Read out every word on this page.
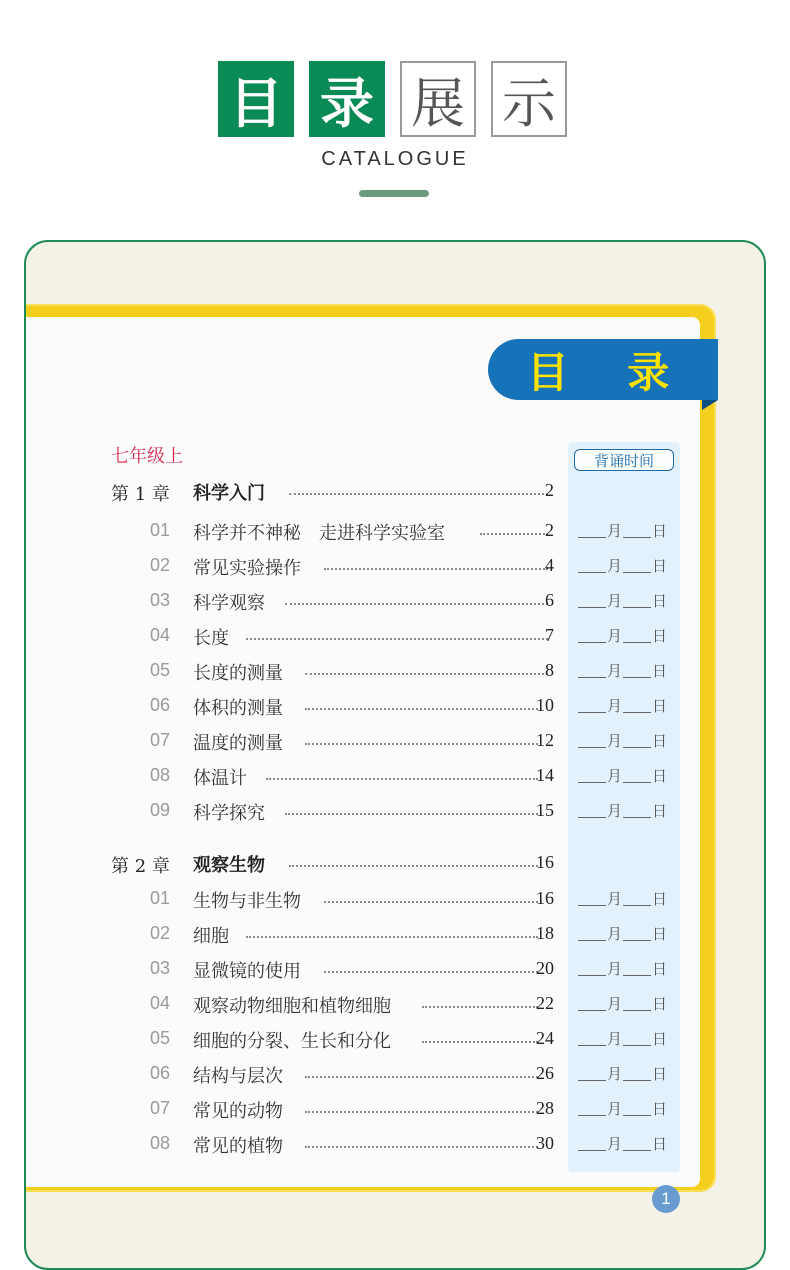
目 录 展 示
CATALOGUE
目 录
背诵时间
七年级上
第 1 章 科学入门	2
01 科学并不神秘　走进科学实验室	2	月 日
02 常见实验操作	4	月 日
03 科学观察	6	月 日
04 长度	7	月 日
05 长度的测量	8	月 日
06 体积的测量	10	月 日
07 温度的测量	12	月 日
08 体温计	14	月 日
09 科学探究	15	月 日
第 2 章 观察生物	16
01 生物与非生物	16	月 日
02 细胞	18	月 日
03 显微镜的使用	20	月 日
04 观察动物细胞和植物细胞	22	月 日
05 细胞的分裂、生长和分化	24	月 日
06 结构与层次	26	月 日
07 常见的动物	28	月 日
08 常见的植物	30	月 日
1
